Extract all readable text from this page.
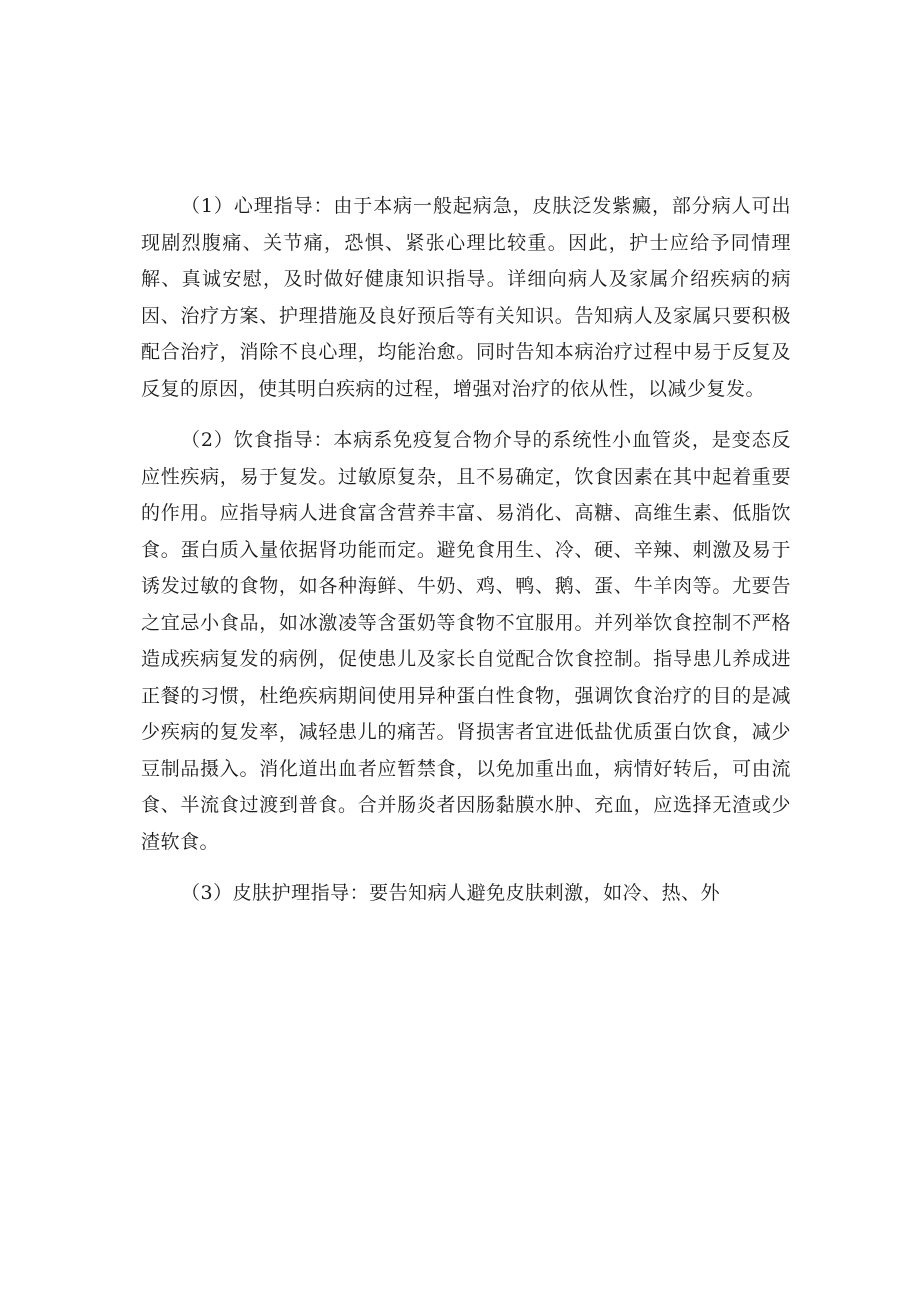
（1）心理指导：由于本病一般起病急，皮肤泛发紫癜，部分病人可出现剧烈腹痛、关节痛，恐惧、紧张心理比较重。因此，护士应给予同情理解、真诚安慰，及时做好健康知识指导。详细向病人及家属介绍疾病的病因、治疗方案、护理措施及良好预后等有关知识。告知病人及家属只要积极配合治疗，消除不良心理，均能治愈。同时告知本病治疗过程中易于反复及反复的原因，使其明白疾病的过程，增强对治疗的依从性，以减少复发。

（2）饮食指导：本病系免疫复合物介导的系统性小血管炎，是变态反应性疾病，易于复发。过敏原复杂，且不易确定，饮食因素在其中起着重要的作用。应指导病人进食富含营养丰富、易消化、高糖、高维生素、低脂饮食。蛋白质入量依据肾功能而定。避免食用生、冷、硬、辛辣、刺激及易于诱发过敏的食物，如各种海鲜、牛奶、鸡、鸭、鹅、蛋、牛羊肉等。尤要告之宜忌小食品，如冰激凌等含蛋奶等食物不宜服用。并列举饮食控制不严格造成疾病复发的病例，促使患儿及家长自觉配合饮食控制。指导患儿养成进正餐的习惯，杜绝疾病期间使用异种蛋白性食物，强调饮食治疗的目的是减少疾病的复发率，减轻患儿的痛苦。肾损害者宜进低盐优质蛋白饮食，减少豆制品摄入。消化道出血者应暂禁食，以免加重出血，病情好转后，可由流食、半流食过渡到普食。合并肠炎者因肠黏膜水肿、充血，应选择无渣或少渣软食。

（3）皮肤护理指导：要告知病人避免皮肤刺激，如冷、热、外
